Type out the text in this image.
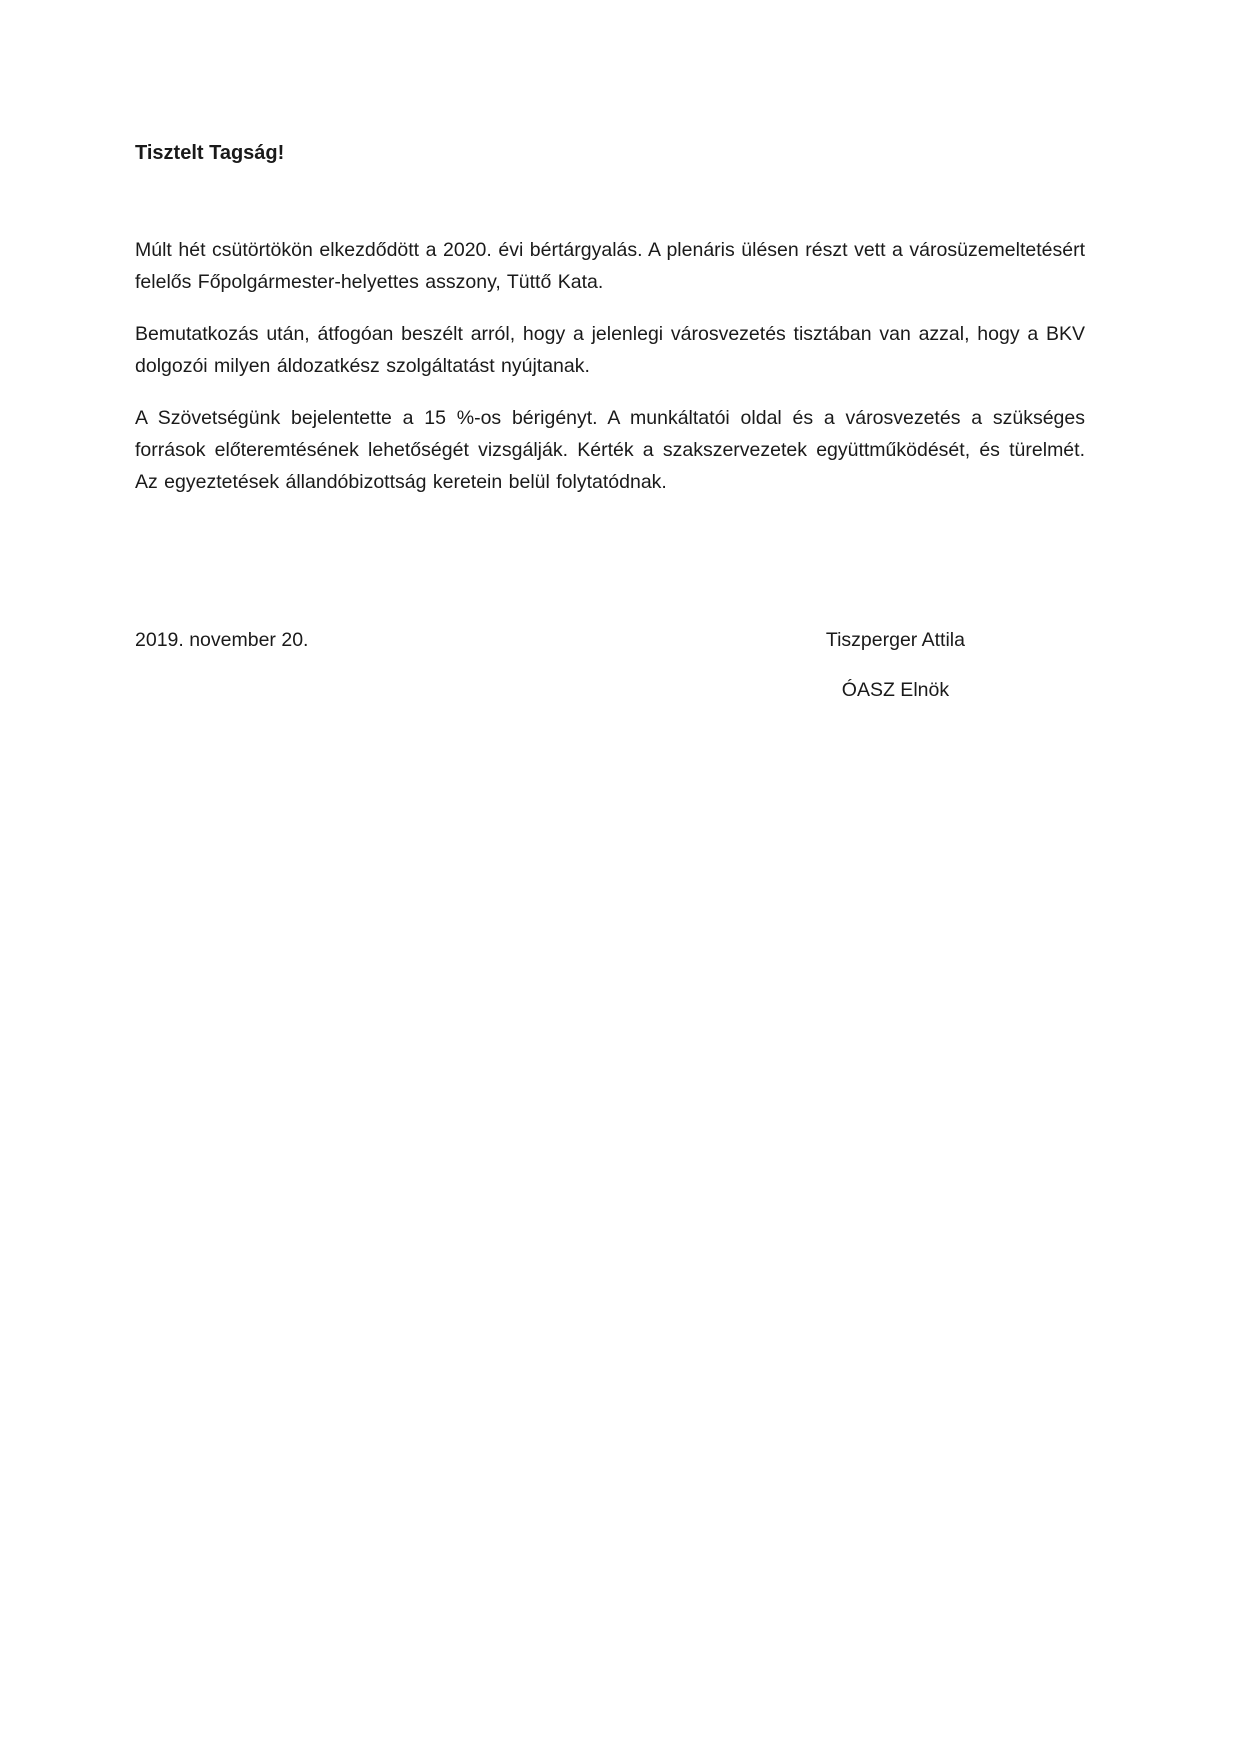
Tisztelt Tagság!

Múlt hét csütörtökön elkezdődött a 2020. évi bértárgyalás. A plenáris ülésen részt vett a városüzemeltetésért felelős Főpolgármester-helyettes asszony, Tüttő Kata.

Bemutatkozás után, átfogóan beszélt arról, hogy a jelenlegi városvezetés tisztában van azzal, hogy a BKV dolgozói milyen áldozatkész szolgáltatást nyújtanak.

A Szövetségünk bejelentette a 15 %-os bérigényt. A munkáltatói oldal és a városvezetés a szükséges források előteremtésének lehetőségét vizsgálják. Kérték a szakszervezetek együttműködését, és türelmét. Az egyeztetések állandóbizottság keretein belül folytatódnak.

2019. november 20.	Tiszperger Attila
ÓASZ Elnök
